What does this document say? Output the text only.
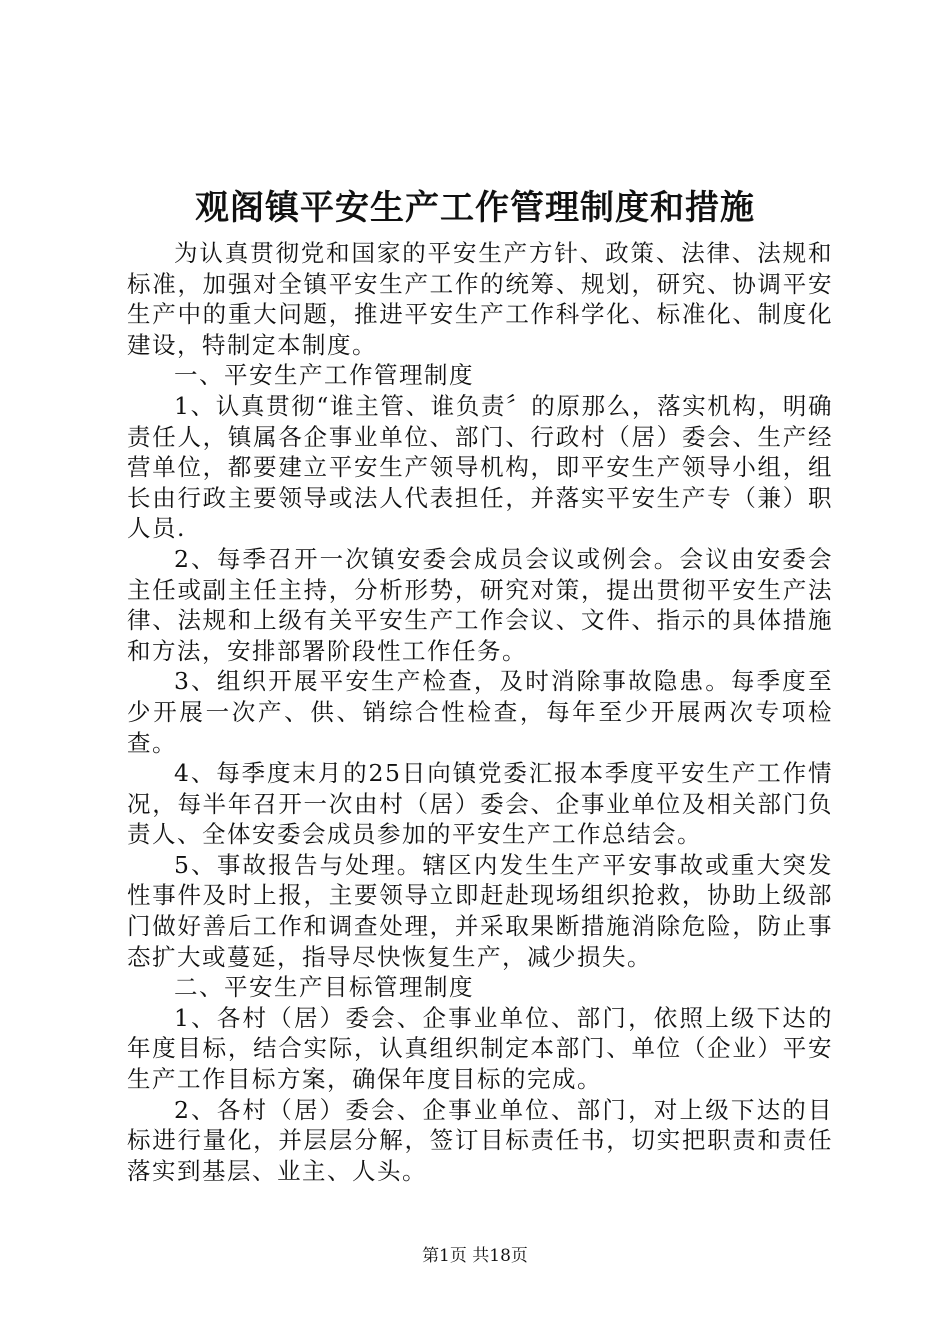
观阁镇平安生产工作管理制度和措施

为认真贯彻党和国家的平安生产方针、政策、法律、法规和标准，加强对全镇平安生产工作的统筹、规划，研究、协调平安生产中的重大问题，推进平安生产工作科学化、标准化、制度化建设，特制定本制度。

一、平安生产工作管理制度

1、认真贯彻“谁主管、谁负责〞的原那么，落实机构，明确责任人，镇属各企事业单位、部门、行政村（居）委会、生产经营单位，都要建立平安生产领导机构，即平安生产领导小组，组长由行政主要领导或法人代表担任，并落实平安生产专（兼）职人员.

2、每季召开一次镇安委会成员会议或例会。会议由安委会主任或副主任主持，分析形势，研究对策，提出贯彻平安生产法律、法规和上级有关平安生产工作会议、文件、指示的具体措施和方法，安排部署阶段性工作任务。

3、组织开展平安生产检查，及时消除事故隐患。每季度至少开展一次产、供、销综合性检查，每年至少开展两次专项检查。

4、每季度末月的25日向镇党委汇报本季度平安生产工作情况，每半年召开一次由村（居）委会、企事业单位及相关部门负责人、全体安委会成员参加的平安生产工作总结会。

5、事故报告与处理。辖区内发生生产平安事故或重大突发性事件及时上报，主要领导立即赶赴现场组织抢救，协助上级部门做好善后工作和调查处理，并采取果断措施消除危险，防止事态扩大或蔓延，指导尽快恢复生产，减少损失。

二、平安生产目标管理制度

1、各村（居）委会、企事业单位、部门，依照上级下达的年度目标，结合实际，认真组织制定本部门、单位（企业）平安生产工作目标方案，确保年度目标的完成。

2、各村（居）委会、企事业单位、部门，对上级下达的目标进行量化，并层层分解，签订目标责任书，切实把职责和责任落实到基层、业主、人头。

第1页 共18页
